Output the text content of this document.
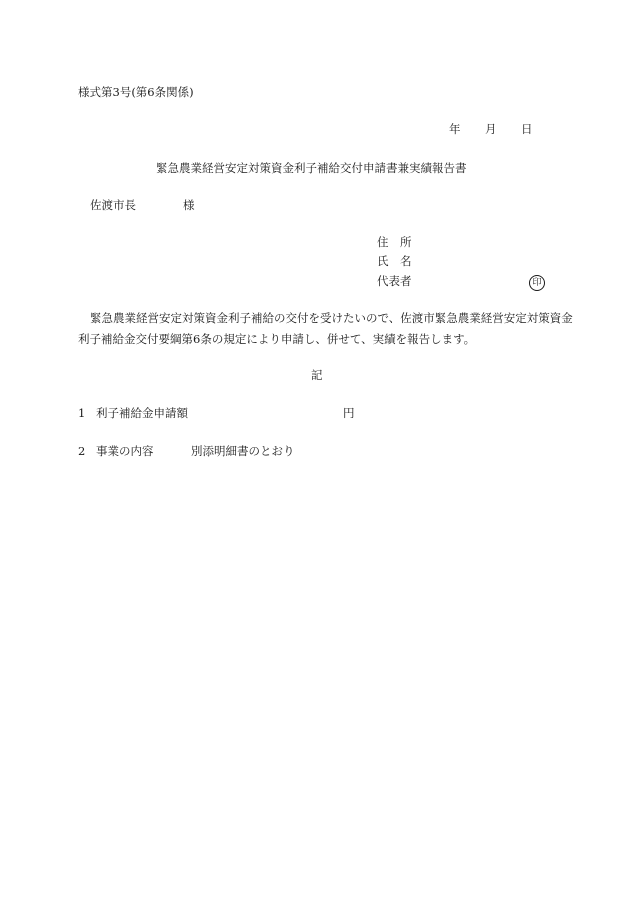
様式第3号(第6条関係)
年 月 日
緊急農業経営安定対策資金利子補給交付申請書兼実績報告書
佐渡市長	様
住　所
氏　名
代表者	印
緊急農業経営安定対策資金利子補給の交付を受けたいので、佐渡市緊急農業経営安定対策資金利子補給金交付要綱第6条の規定により申請し、併せて、実績を報告します。
記
1 利子補給金申請額	円
2 事業の内容	別添明細書のとおり
